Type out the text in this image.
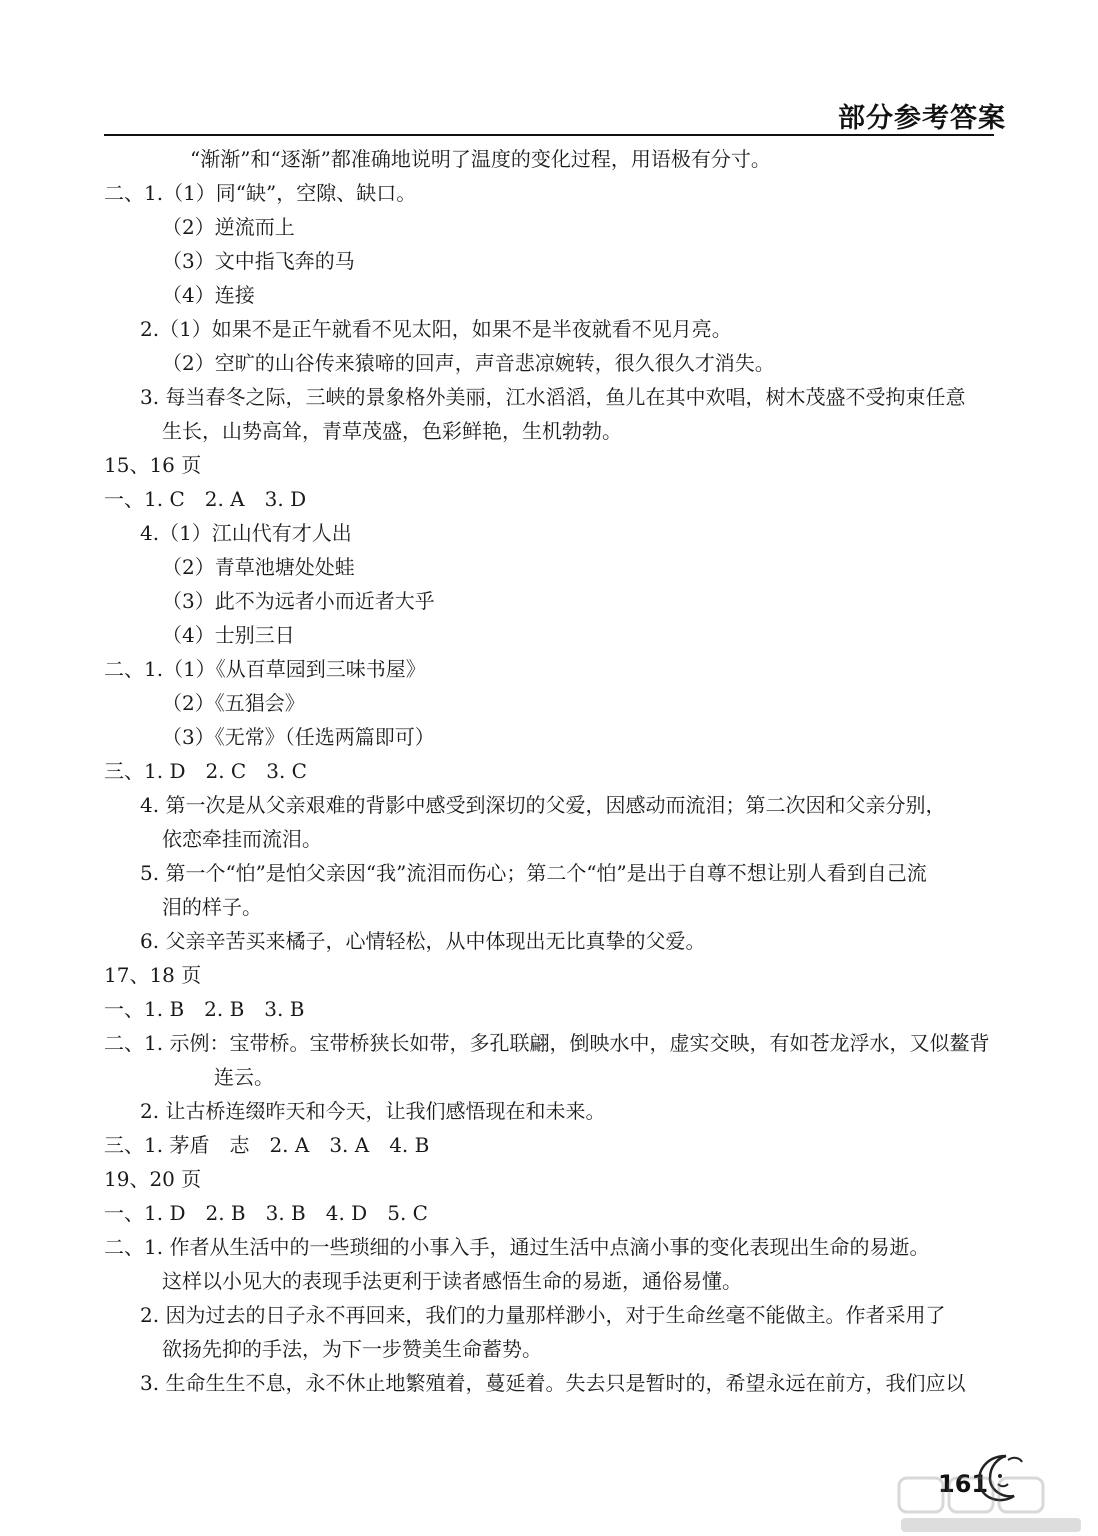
部分参考答案
“渐渐”和“逐渐”都准确地说明了温度的变化过程，用语极有分寸。
二、1.（1）同“缺”，空隙、缺口。
（2）逆流而上
（3）文中指飞奔的马
（4）连接
2.（1）如果不是正午就看不见太阳，如果不是半夜就看不见月亮。
（2）空旷的山谷传来猿啼的回声，声音悲凉婉转，很久很久才消失。
3. 每当春冬之际，三峡的景象格外美丽，江水滔滔，鱼儿在其中欢唱，树木茂盛不受拘束任意
生长，山势高耸，青草茂盛，色彩鲜艳，生机勃勃。
15、16 页
一、1. C　2. A　3. D
4.（1）江山代有才人出
（2）青草池塘处处蛙
（3）此不为远者小而近者大乎
（4）士别三日
二、1.（1）《从百草园到三味书屋》
（2）《五猖会》
（3）《无常》（任选两篇即可）
三、1. D　2. C　3. C
4. 第一次是从父亲艰难的背影中感受到深切的父爱，因感动而流泪；第二次因和父亲分别，
依恋牵挂而流泪。
5. 第一个“怕”是怕父亲因“我”流泪而伤心；第二个“怕”是出于自尊不想让别人看到自己流
泪的样子。
6. 父亲辛苦买来橘子，心情轻松，从中体现出无比真挚的父爱。
17、18 页
一、1. B　2. B　3. B
二、1. 示例：宝带桥。宝带桥狭长如带，多孔联翩，倒映水中，虚实交映，有如苍龙浮水，又似鳌背
连云。
2. 让古桥连缀昨天和今天，让我们感悟现在和未来。
三、1. 茅盾　志　2. A　3. A　4. B
19、20 页
一、1. D　2. B　3. B　4. D　5. C
二、1. 作者从生活中的一些琐细的小事入手，通过生活中点滴小事的变化表现出生命的易逝。
这样以小见大的表现手法更利于读者感悟生命的易逝，通俗易懂。
2. 因为过去的日子永不再回来，我们的力量那样渺小，对于生命丝毫不能做主。作者采用了
欲扬先抑的手法，为下一步赞美生命蓄势。
3. 生命生生不息，永不休止地繁殖着，蔓延着。失去只是暂时的，希望永远在前方，我们应以
161
